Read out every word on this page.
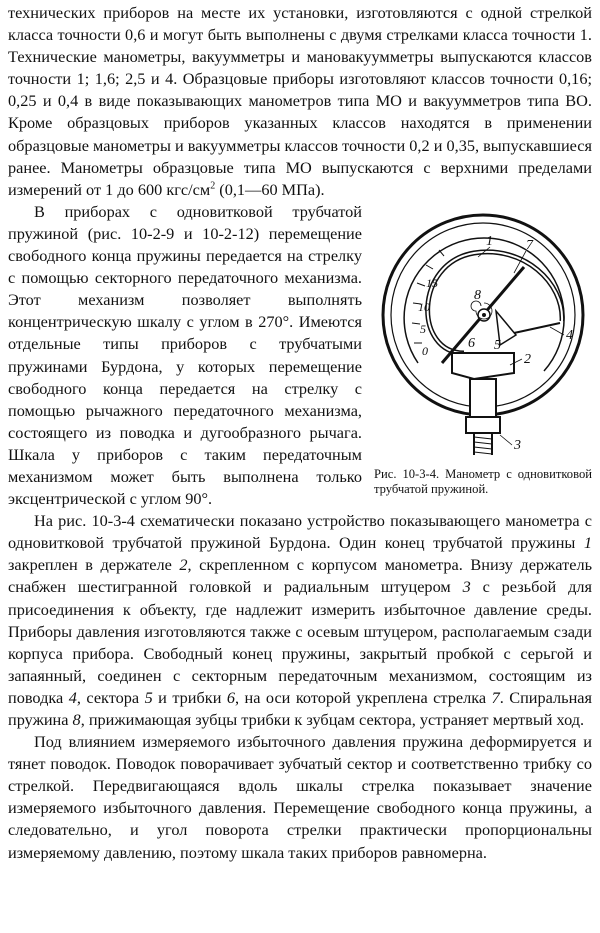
технических приборов на месте их установки, изготовляются с одной стрелкой класса точности 0,6 и могут быть выполнены с двумя стрелками класса точности 1. Технические манометры, вакуумметры и мановакуумметры выпускаются классов точности 1; 1,6; 2,5 и 4. Образцовые приборы изготовляют классов точности 0,16; 0,25 и 0,4 в виде показывающих манометров типа МО и вакуумметров типа ВО. Кроме образцовых приборов указанных классов находятся в применении образцовые манометры и вакуумметры классов точности 0,2 и 0,35, выпускавшиеся ранее. Манометры образцовые типа МО выпускаются с верхними пределами измерений от 1 до 600 кгс/$см^2$ (0,1—60 МПа).

0
5
10
15
1 7
8
6 5
4
2
3
Рис. 10-3-4. Манометр с одновитковой трубчатой пружиной.
В приборах с одновитковой трубчатой пружиной (рис. 10-2-9 и 10-2-12) перемещение свободного конца пружины передается на стрелку с помощью секторного передаточного механизма. Этот механизм позволяет выполнять концентрическую шкалу с углом в 270°. Имеются отдельные типы приборов с трубчатыми пружинами Бурдона, у которых перемещение свободного конца передается на стрелку с помощью рычажного передаточного механизма, состоящего из поводка и дугообразного рычага. Шкала у приборов с таким передаточным механизмом может быть выполнена только эксцентрической с углом 90°.

На рис. 10-3-4 схематически показано устройство показывающего манометра с одновитковой трубчатой пружиной Бурдона. Один конец трубчатой пружины 1 закреплен в держателе 2, скрепленном с корпусом манометра. Внизу держатель снабжен шестигранной головкой и радиальным штуцером 3 с резьбой для присоединения к объекту, где надлежит измерить избыточное давление среды. Приборы давления изготовляются также с осевым штуцером, располагаемым сзади корпуса прибора. Свободный конец пружины, закрытый пробкой с серьгой и запаянный, соединен с секторным передаточным механизмом, состоящим из поводка 4, сектора 5 и трибки 6, на оси которой укреплена стрелка 7. Спиральная пружина 8, прижимающая зубцы трибки к зубцам сектора, устраняет мертвый ход.

Под влиянием измеряемого избыточного давления пружина деформируется и тянет поводок. Поводок поворачивает зубчатый сектор и соответственно трибку со стрелкой. Передвигающаяся вдоль шкалы стрелка показывает значение измеряемого избыточного давления. Перемещение свободного конца пружины, а следовательно, и угол поворота стрелки практически пропорциональны измеряемому давлению, поэтому шкала таких приборов равномерна.
